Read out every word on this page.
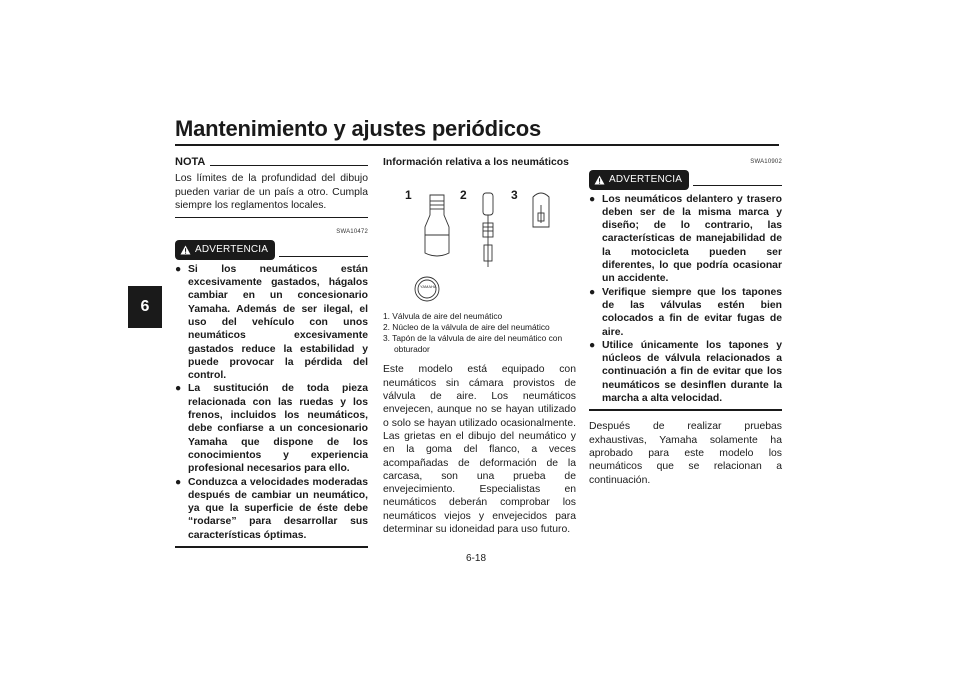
Mantenimiento y ajustes periódicos
6
NOTA

Los límites de la profundidad del dibujo pueden variar de un país a otro. Cumpla siempre los reglamentos locales.

SWA10472
ADVERTENCIA
● Si los neumáticos están excesivamente gastados, hágalos cambiar en un concesionario Yamaha. Además de ser ilegal, el uso del vehículo con unos neumáticos excesivamente gastados reduce la estabilidad y puede provocar la pérdida del control.
● La sustitución de toda pieza relacionada con las ruedas y los frenos, incluidos los neumáticos, debe confiarse a un concesionario Yamaha que dispone de los conocimientos y experiencia profesional necesarios para ello.
● Conduzca a velocidades moderadas después de cambiar un neumático, ya que la superficie de éste debe “rodarse” para desarrollar sus características óptimas.
Información relativa a los neumáticos
1	2	3
YAMAHA
1. Válvula de aire del neumático
2. Núcleo de la válvula de aire del neumático
3. Tapón de la válvula de aire del neumático con obturador

Este modelo está equipado con neumáticos sin cámara provistos de válvula de aire. Los neumáticos envejecen, aunque no se hayan utilizado o solo se hayan utilizado ocasionalmente. Las grietas en el dibujo del neumático y en la goma del flanco, a veces acompañadas de deformación de la carcasa, son una prueba de envejecimiento. Especialistas en neumáticos deberán comprobar los neumáticos viejos y envejecidos para determinar su idoneidad para uso futuro.

SWA10902
ADVERTENCIA
● Los neumáticos delantero y trasero deben ser de la misma marca y diseño; de lo contrario, las características de manejabilidad de la motocicleta pueden ser diferentes, lo que podría ocasionar un accidente.
● Verifique siempre que los tapones de las válvulas estén bien colocados a fin de evitar fugas de aire.
● Utilice únicamente los tapones y núcleos de válvula relacionados a continuación a fin de evitar que los neumáticos se desinflen durante la marcha a alta velocidad.

Después de realizar pruebas exhaustivas, Yamaha solamente ha aprobado para este modelo los neumáticos que se relacionan a continuación.

6-18
